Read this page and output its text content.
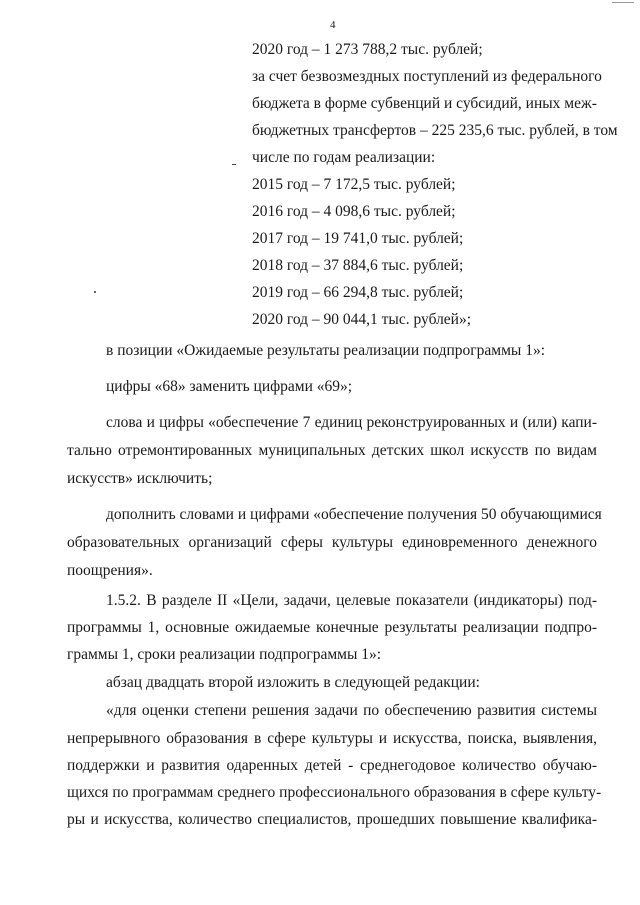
4
2020 год – 1 273 788,2 тыс. рублей;
за счет безвозмездных поступлений из федерального
бюджета в форме субвенций и субсидий, иных меж-
бюджетных трансфертов – 225 235,6 тыс. рублей, в том
числе по годам реализации:
2015 год – 7 172,5 тыс. рублей;
2016 год – 4 098,6 тыс. рублей;
2017 год – 19 741,0 тыс. рублей;
2018 год – 37 884,6 тыс. рублей;
2019 год – 66 294,8 тыс. рублей;
2020 год – 90 044,1 тыс. рублей»;
в позиции «Ожидаемые результаты реализации подпрограммы 1»:
цифры «68» заменить цифрами «69»;
слова и цифры «обеспечение 7 единиц реконструированных и (или) капи-
тально отремонтированных муниципальных детских школ искусств по видам
искусств» исключить;
дополнить словами и цифрами «обеспечение получения 50 обучающимися
образовательных организаций сферы культуры единовременного денежного
поощрения».
1.5.2. В разделе II «Цели, задачи, целевые показатели (индикаторы) под-
программы 1, основные ожидаемые конечные результаты реализации подпро-
граммы 1, сроки реализации подпрограммы 1»:
абзац двадцать второй изложить в следующей редакции:
«для оценки степени решения задачи по обеспечению развития системы
непрерывного образования в сфере культуры и искусства, поиска, выявления,
поддержки и развития одаренных детей - среднегодовое количество обучаю-
щихся по программам среднего профессионального образования в сфере культу-
ры и искусства, количество специалистов, прошедших повышение квалифика-
